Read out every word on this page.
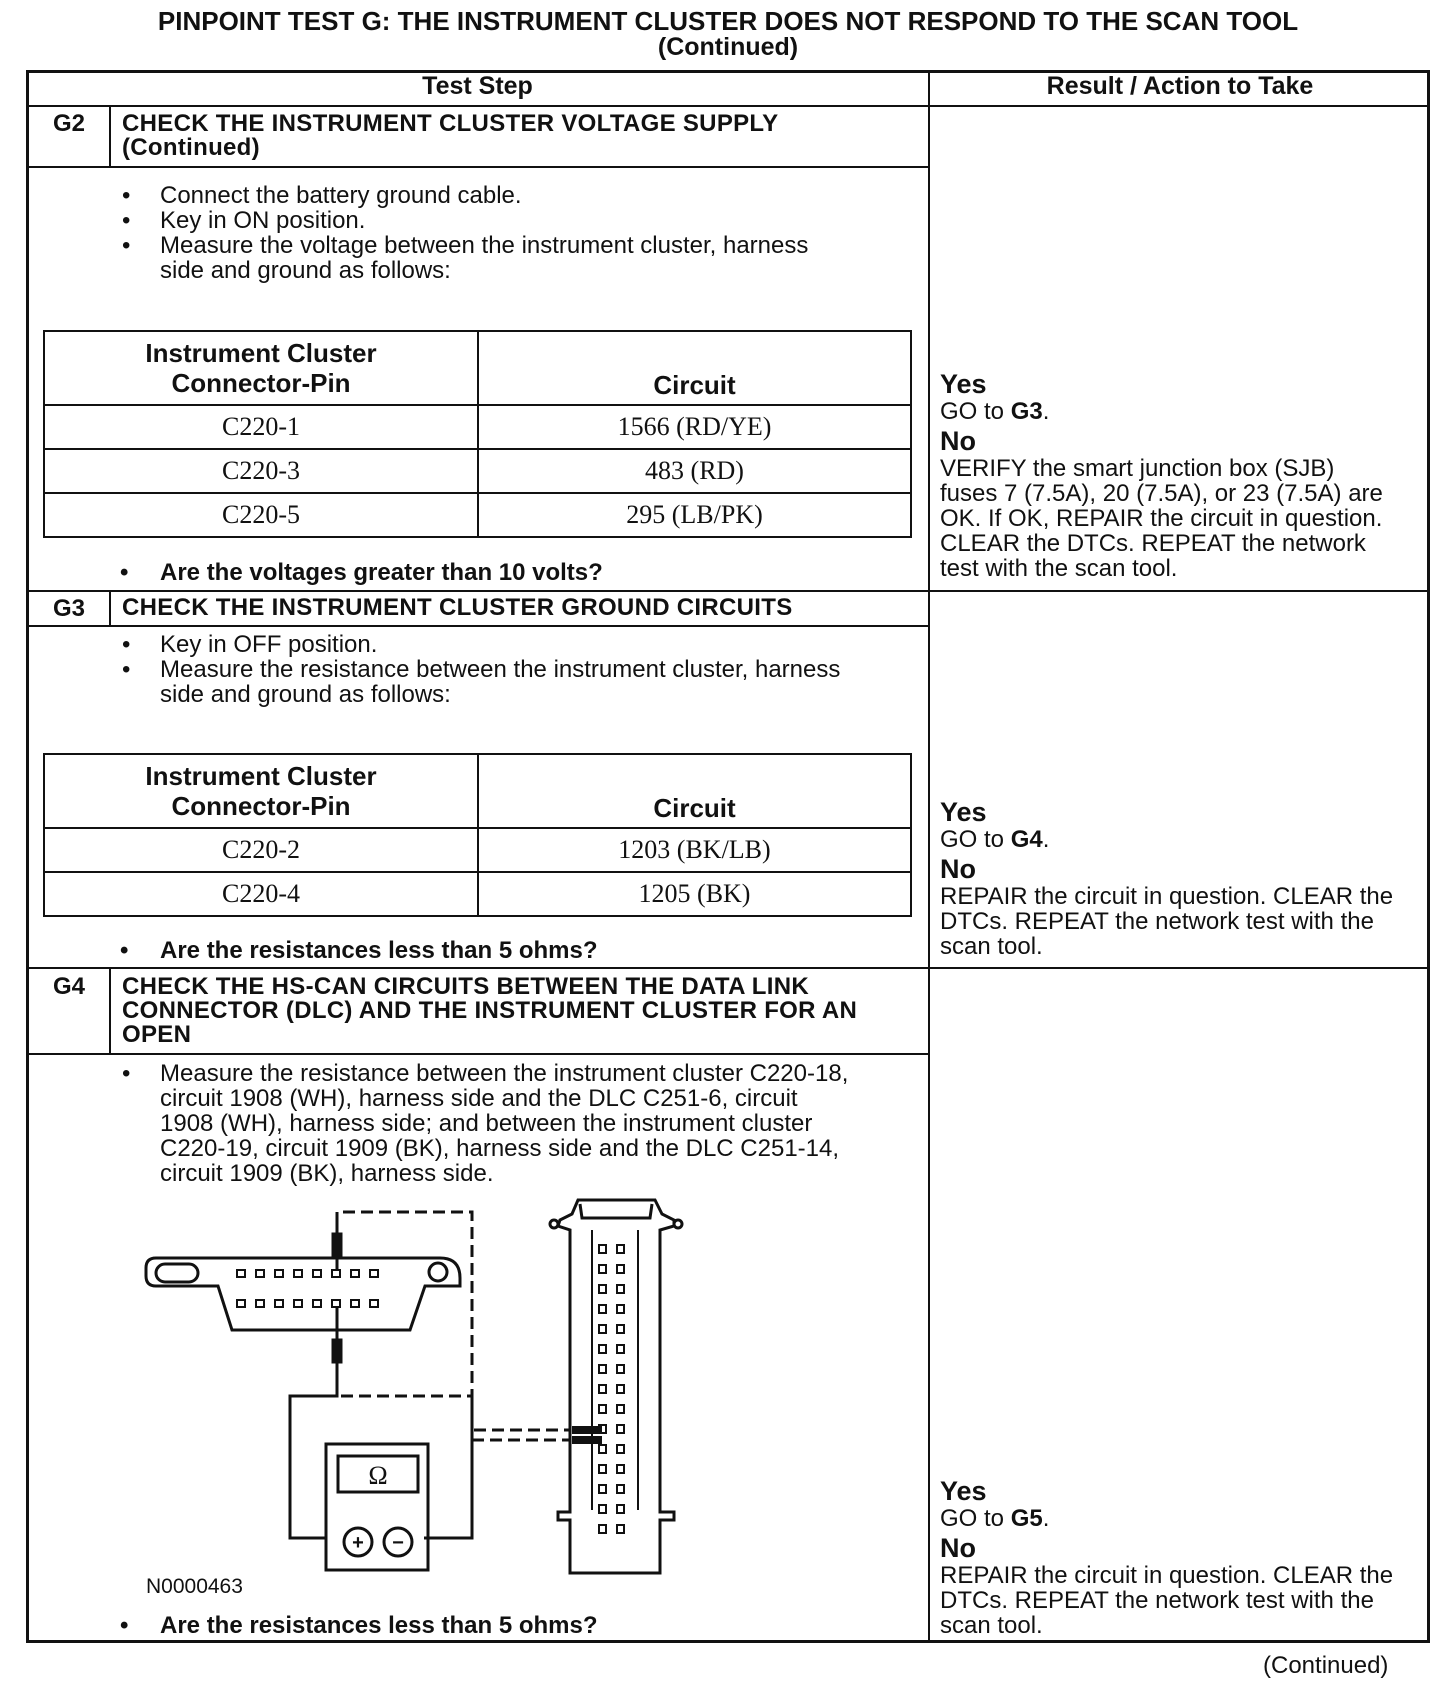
PINPOINT TEST G: THE INSTRUMENT CLUSTER DOES NOT RESPOND TO THE SCAN TOOL
(Continued)
Test Step	Result / Action to Take
G2	CHECK THE INSTRUMENT CLUSTER VOLTAGE SUPPLY
(Continued)
• Connect the battery ground cable.
• Key in ON position.
• Measure the voltage between the instrument cluster, harness
side and ground as follows:
Instrument Cluster
Connector-Pin	Circuit
C220-1	1566 (RD/YE)
C220-3	483 (RD)
C220-5	295 (LB/PK)
• Are the voltages greater than 10 volts?
Yes
GO to G3.
No
VERIFY the smart junction box (SJB)
fuses 7 (7.5A), 20 (7.5A), or 23 (7.5A) are
OK. If OK, REPAIR the circuit in question.
CLEAR the DTCs. REPEAT the network
test with the scan tool.
G3	CHECK THE INSTRUMENT CLUSTER GROUND CIRCUITS
• Key in OFF position.
• Measure the resistance between the instrument cluster, harness
side and ground as follows:
Instrument Cluster
Connector-Pin	Circuit
C220-2	1203 (BK/LB)
C220-4	1205 (BK)
• Are the resistances less than 5 ohms?
Yes
GO to G4.
No
REPAIR the circuit in question. CLEAR the
DTCs. REPEAT the network test with the
scan tool.
G4	CHECK THE HS-CAN CIRCUITS BETWEEN THE DATA LINK
CONNECTOR (DLC) AND THE INSTRUMENT CLUSTER FOR AN
OPEN
• Measure the resistance between the instrument cluster C220-18,
circuit 1908 (WH), harness side and the DLC C251-6, circuit
1908 (WH), harness side; and between the instrument cluster
C220-19, circuit 1909 (BK), harness side and the DLC C251-14,
circuit 1909 (BK), harness side.
Ω
+ −
N0000463
• Are the resistances less than 5 ohms?
Yes
GO to G5.
No
REPAIR the circuit in question. CLEAR the
DTCs. REPEAT the network test with the
scan tool.
(Continued)
